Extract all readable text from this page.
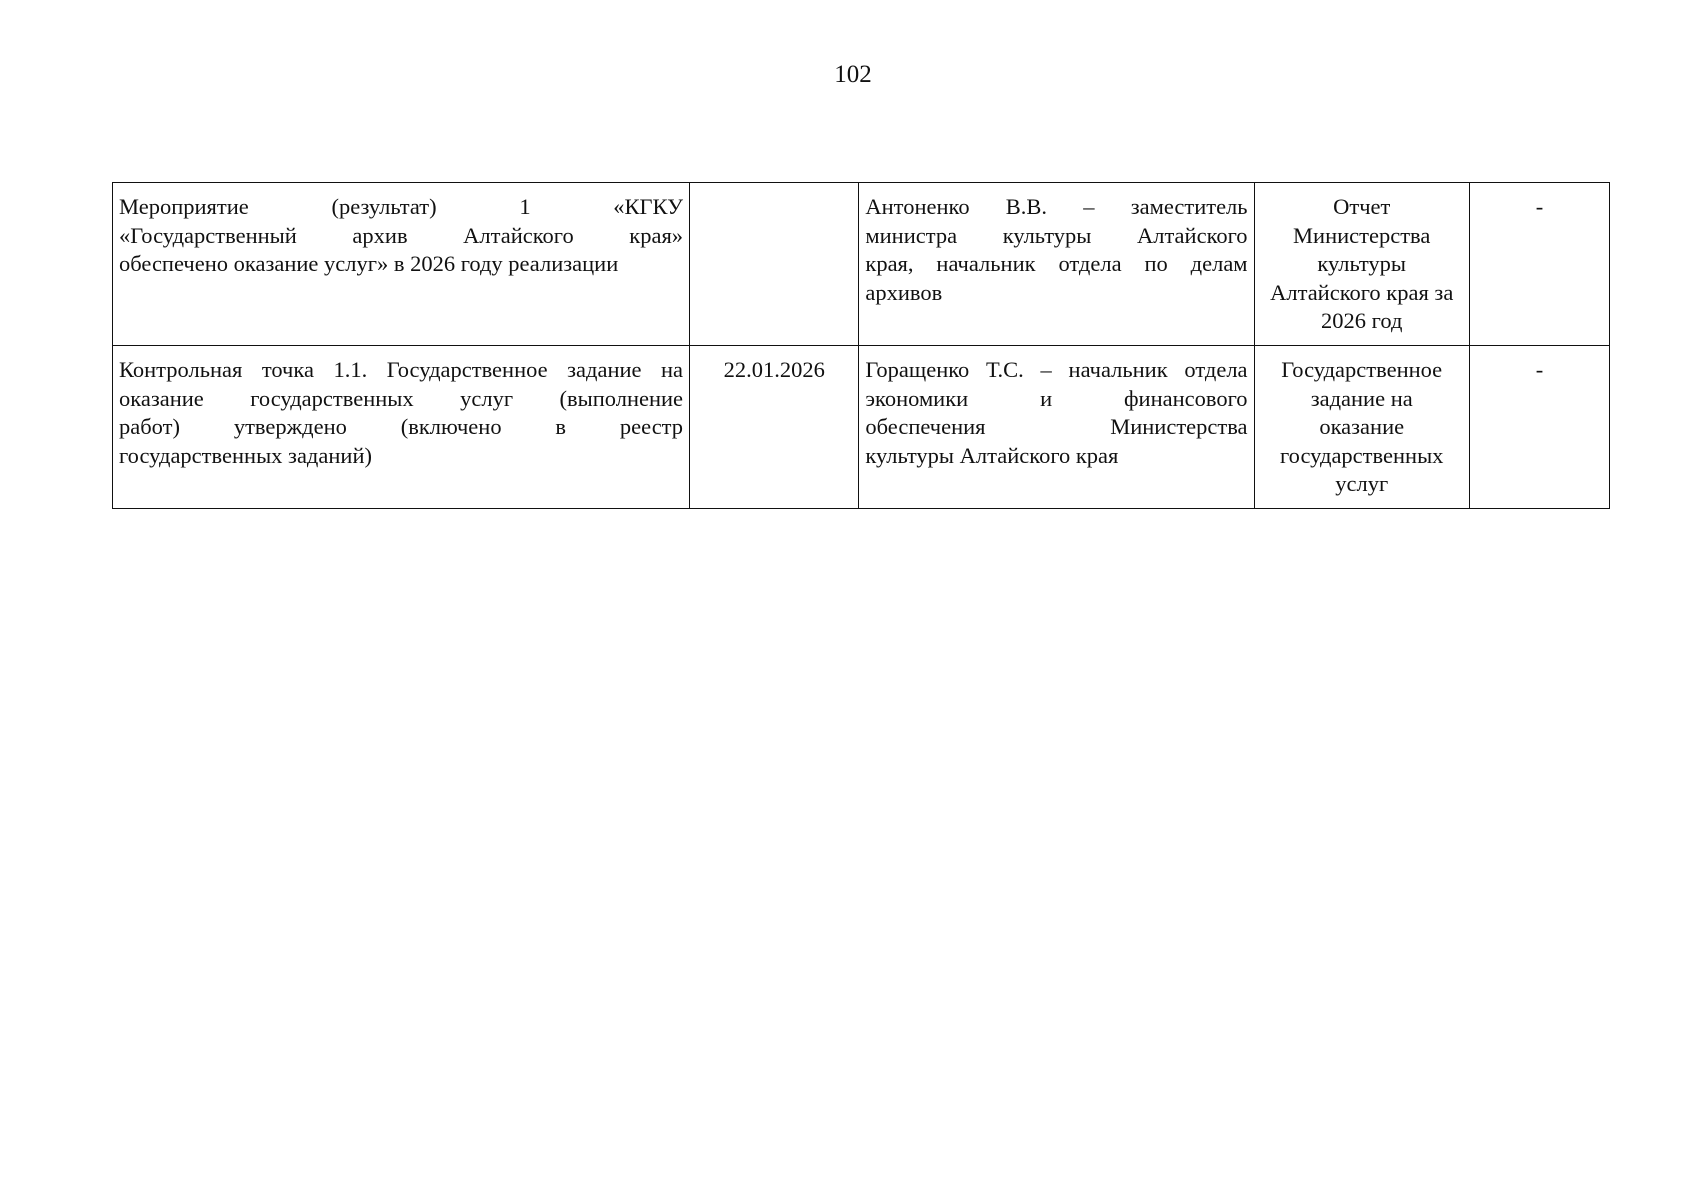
102
Мероприятие (результат) 1 «КГКУ
«Государственный архив Алтайского края»
обеспечено оказание услуг» в 2026 году реализации		Антоненко В.В. – заместитель
министра культуры Алтайского
края, начальник отдела по делам
архивов	Отчет
Министерства
культуры
Алтайского края за
2026 год	-

Контрольная точка 1.1. Государственное задание на
оказание государственных услуг (выполнение
работ) утверждено (включено в реестр
государственных заданий)	22.01.2026	Горащенко Т.С. – начальник отдела
экономики и финансового
обеспечения Министерства
культуры Алтайского края	Государственное
задание на
оказание
государственных
услуг	-
